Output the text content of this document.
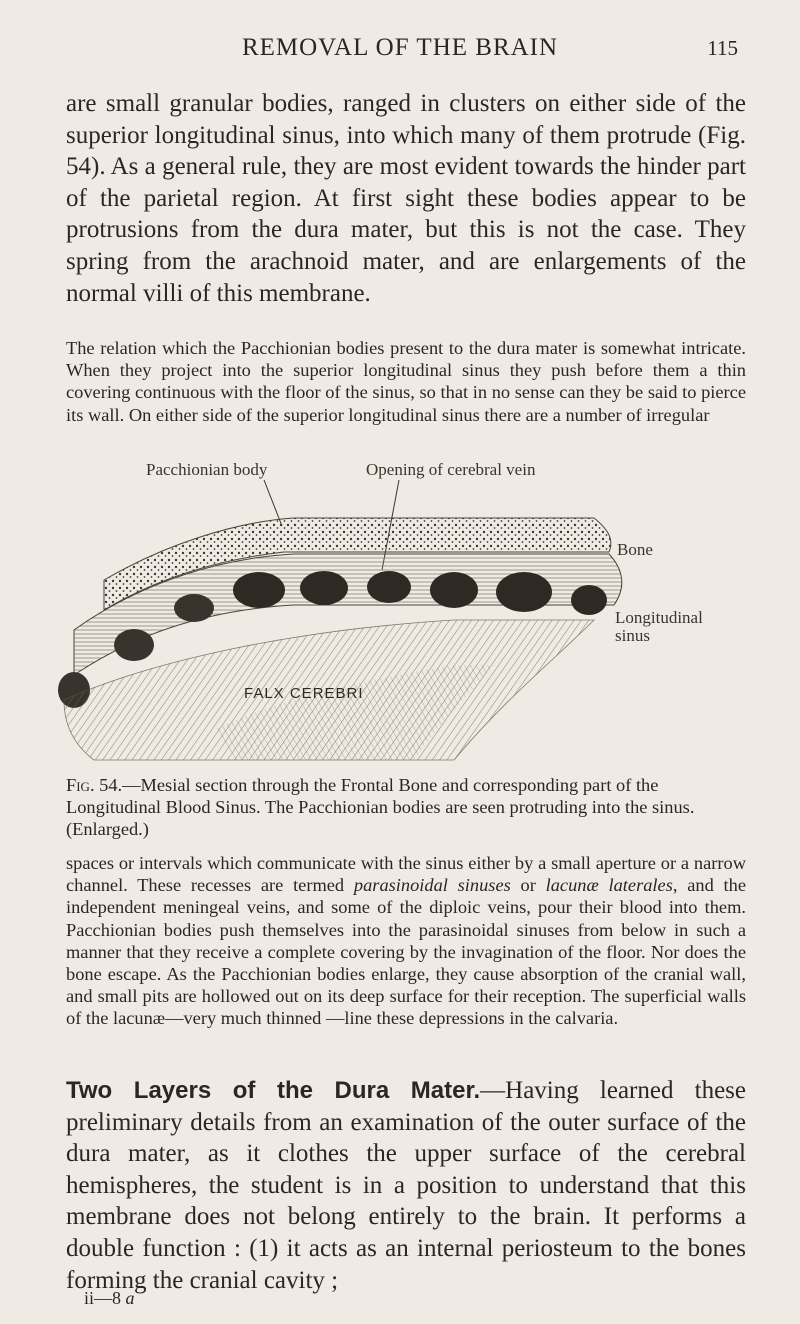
REMOVAL OF THE BRAIN	115

are small granular bodies, ranged in clusters on either side of the superior longitudinal sinus, into which many of them protrude (Fig. 54). As a general rule, they are most evident towards the hinder part of the parietal region. At first sight these bodies appear to be protrusions from the dura mater, but this is not the case. They spring from the arachnoid mater, and are enlargements of the normal villi of this membrane.

The relation which the Pacchionian bodies present to the dura mater is somewhat intricate. When they project into the superior longitudinal sinus they push before them a thin covering continuous with the floor of the sinus, so that in no sense can they be said to pierce its wall. On either side of the superior longitudinal sinus there are a number of irregular

Pacchionian body	Opening of cerebral vein
Bone
Longitudinal
sinus
FALX CEREBRI

Fig. 54.—Mesial section through the Frontal Bone and corresponding part of the Longitudinal Blood Sinus. The Pacchionian bodies are seen protruding into the sinus. (Enlarged.)

spaces or intervals which communicate with the sinus either by a small aperture or a narrow channel. These recesses are termed parasinoidal sinuses or lacunæ laterales, and the independent meningeal veins, and some of the diploic veins, pour their blood into them. Pacchionian bodies push themselves into the parasinoidal sinuses from below in such a manner that they receive a complete covering by the invagination of the floor. Nor does the bone escape. As the Pacchionian bodies enlarge, they cause absorption of the cranial wall, and small pits are hollowed out on its deep surface for their reception. The superficial walls of the lacunæ—very much thinned —line these depressions in the calvaria.

Two Layers of the Dura Mater.—Having learned these preliminary details from an examination of the outer surface of the dura mater, as it clothes the upper surface of the cerebral hemispheres, the student is in a position to understand that this membrane does not belong entirely to the brain. It performs a double function : (1) it acts as an internal periosteum to the bones forming the cranial cavity ;

ii—8 a
